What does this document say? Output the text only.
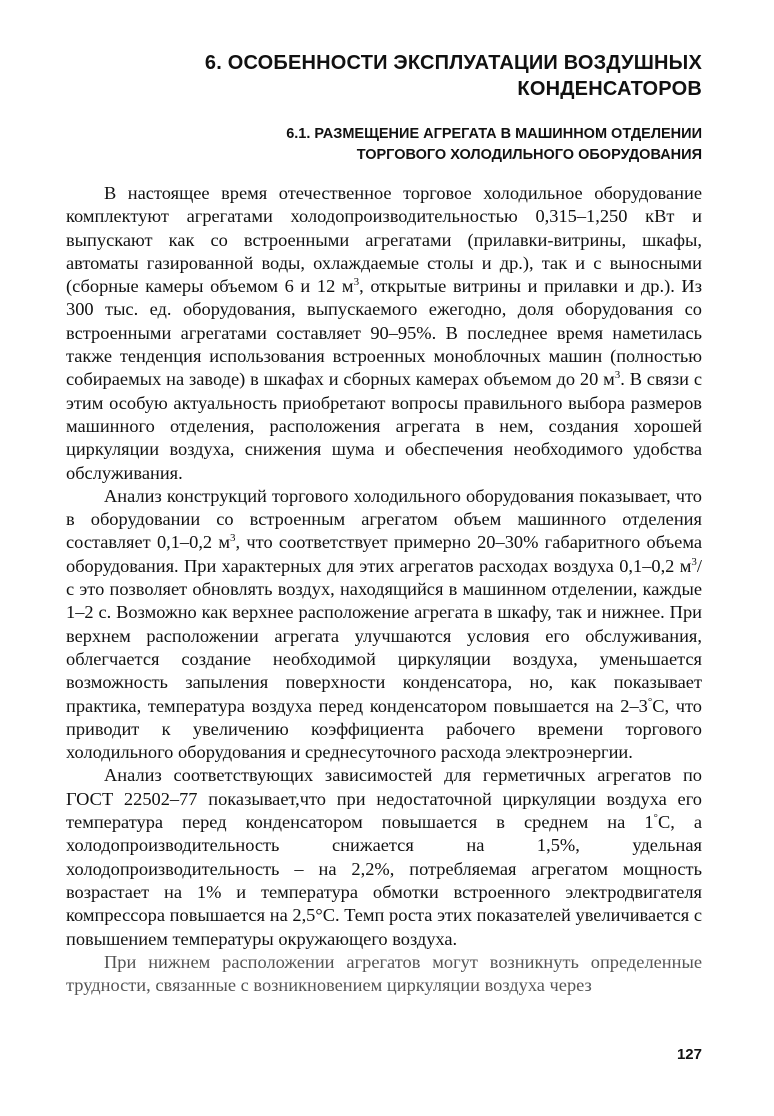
6. ОСОБЕННОСТИ ЭКСПЛУАТАЦИИ ВОЗДУШНЫХ
КОНДЕНСАТОРОВ
6.1. РАЗМЕЩЕНИЕ АГРЕГАТА В МАШИННОМ ОТДЕЛЕНИИ
ТОРГОВОГО ХОЛОДИЛЬНОГО ОБОРУДОВАНИЯ

В настоящее время отечественное торговое холодильное оборудование комплектуют агрегатами холодопроизводительностью 0,315–1,250 кВт и выпускают как со встроенными агрегатами (прилавки-витрины, шкафы, автоматы газированной воды, охлаждаемые столы и др.), так и с выносными (сборные камеры объемом 6 и 12 $м^3$, открытые витрины и прилавки и др.). Из 300 тыс. ед. оборудования, выпускаемого ежегодно, доля оборудования со встроенными агрегатами составляет 90–95%. В последнее время наметилась также тенденция использования встроенных моноблочных машин (полностью собираемых на заводе) в шкафах и сборных камерах объемом до 20 $м^3$. В связи с этим особую актуальность приобретают вопросы правильного выбора размеров машинного отделения, расположения агрегата в нем, создания хорошей циркуляции воздуха, снижения шума и обеспечения необходимого удобства обслуживания.

Анализ конструкций торгового холодильного оборудования показывает, что в оборудовании со встроенным агрегатом объем машинного отделения составляет 0,1–0,2 $м^3$, что соответствует примерно 20–30% габаритного объема оборудования. При характерных для этих агрегатов расходах воздуха 0,1–0,2 $м^3/с$ это позволяет обновлять воздух, находящийся в машинном отделении, каждые 1–2 с. Возможно как верхнее расположение агрегата в шкафу, так и нижнее. При верхнем расположении агрегата улучшаются условия его обслуживания, облегчается создание необходимой циркуляции воздуха, уменьшается возможность запыления поверхности конденсатора, но, как показывает практика, температура воздуха перед конденсатором повышается на 2–3°С, что приводит к увеличению коэффициента рабочего времени торгового холодильного оборудования и среднесуточного расхода электроэнергии.

Анализ соответствующих зависимостей для герметичных агрегатов по ГОСТ 22502–77 показывает,что при недостаточной циркуляции воздуха его температура перед конденсатором повышается в среднем на 1°С, а холодопроизводительность снижается на 1,5%, удельная холодопроизводительность – на 2,2%, потребляемая агрегатом мощность возрастает на 1% и температура обмотки встроенного электродвигателя компрессора повышается на 2,5°С. Темп роста этих показателей увеличивается с повышением температуры окружающего воздуха.

При нижнем расположении агрегатов могут возникнуть определенные трудности, связанные с возникновением циркуляции воздуха через

127
